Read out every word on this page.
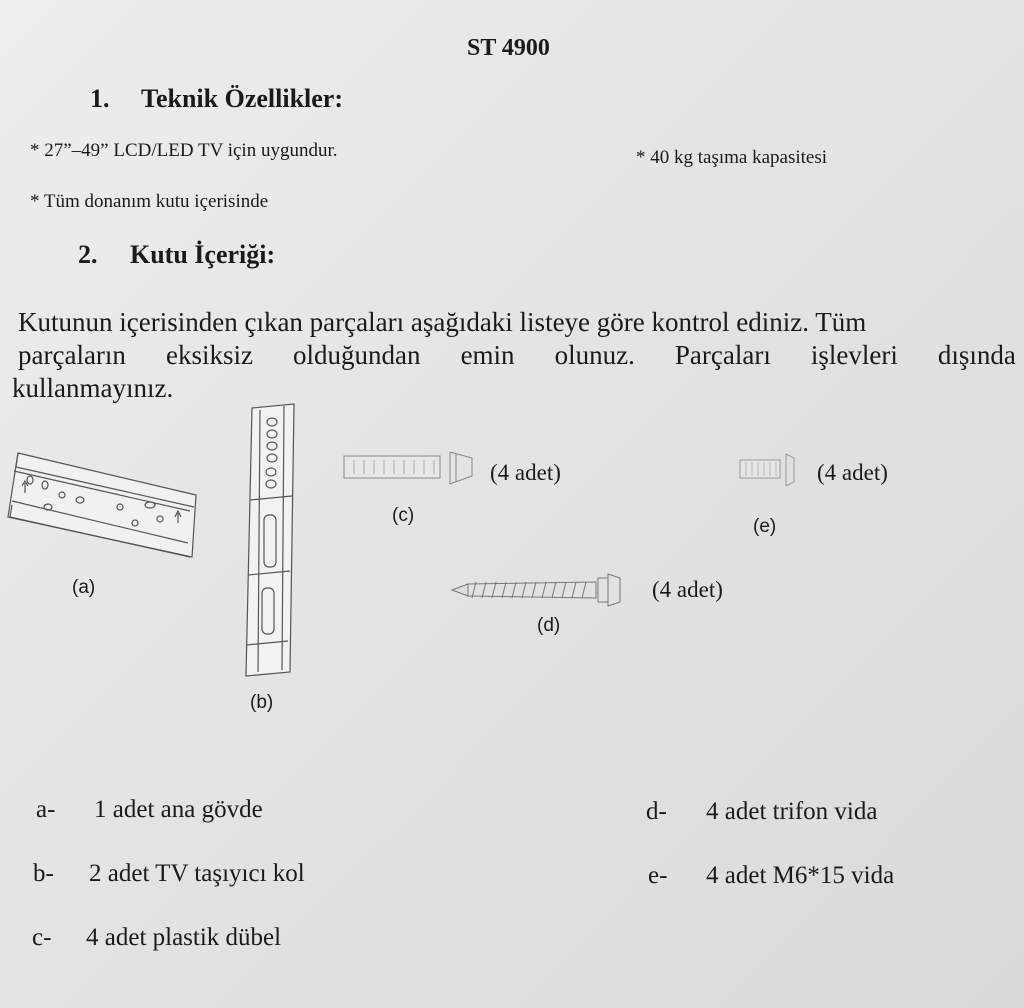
ST 4900
1. Teknik Özellikler:
* 27”–49” LCD/LED TV için uygundur.	* 40 kg taşıma kapasitesi
* Tüm donanım kutu içerisinde
2. Kutu İçeriği:
Kutunun içerisinden çıkan parçaları aşağıdaki listeye göre kontrol ediniz. Tüm
parçaların eksiksiz olduğundan emin olunuz. Parçaları işlevleri dışında
kullanmayınız.
(4 adet)
(c)
(4 adet)
(e)
(4 adet)
(d)
(a)
(b)
a- 1 adet ana gövde
b- 2 adet TV taşıyıcı kol
c- 4 adet plastik dübel
d- 4 adet trifon vida
e- 4 adet M6*15 vida
